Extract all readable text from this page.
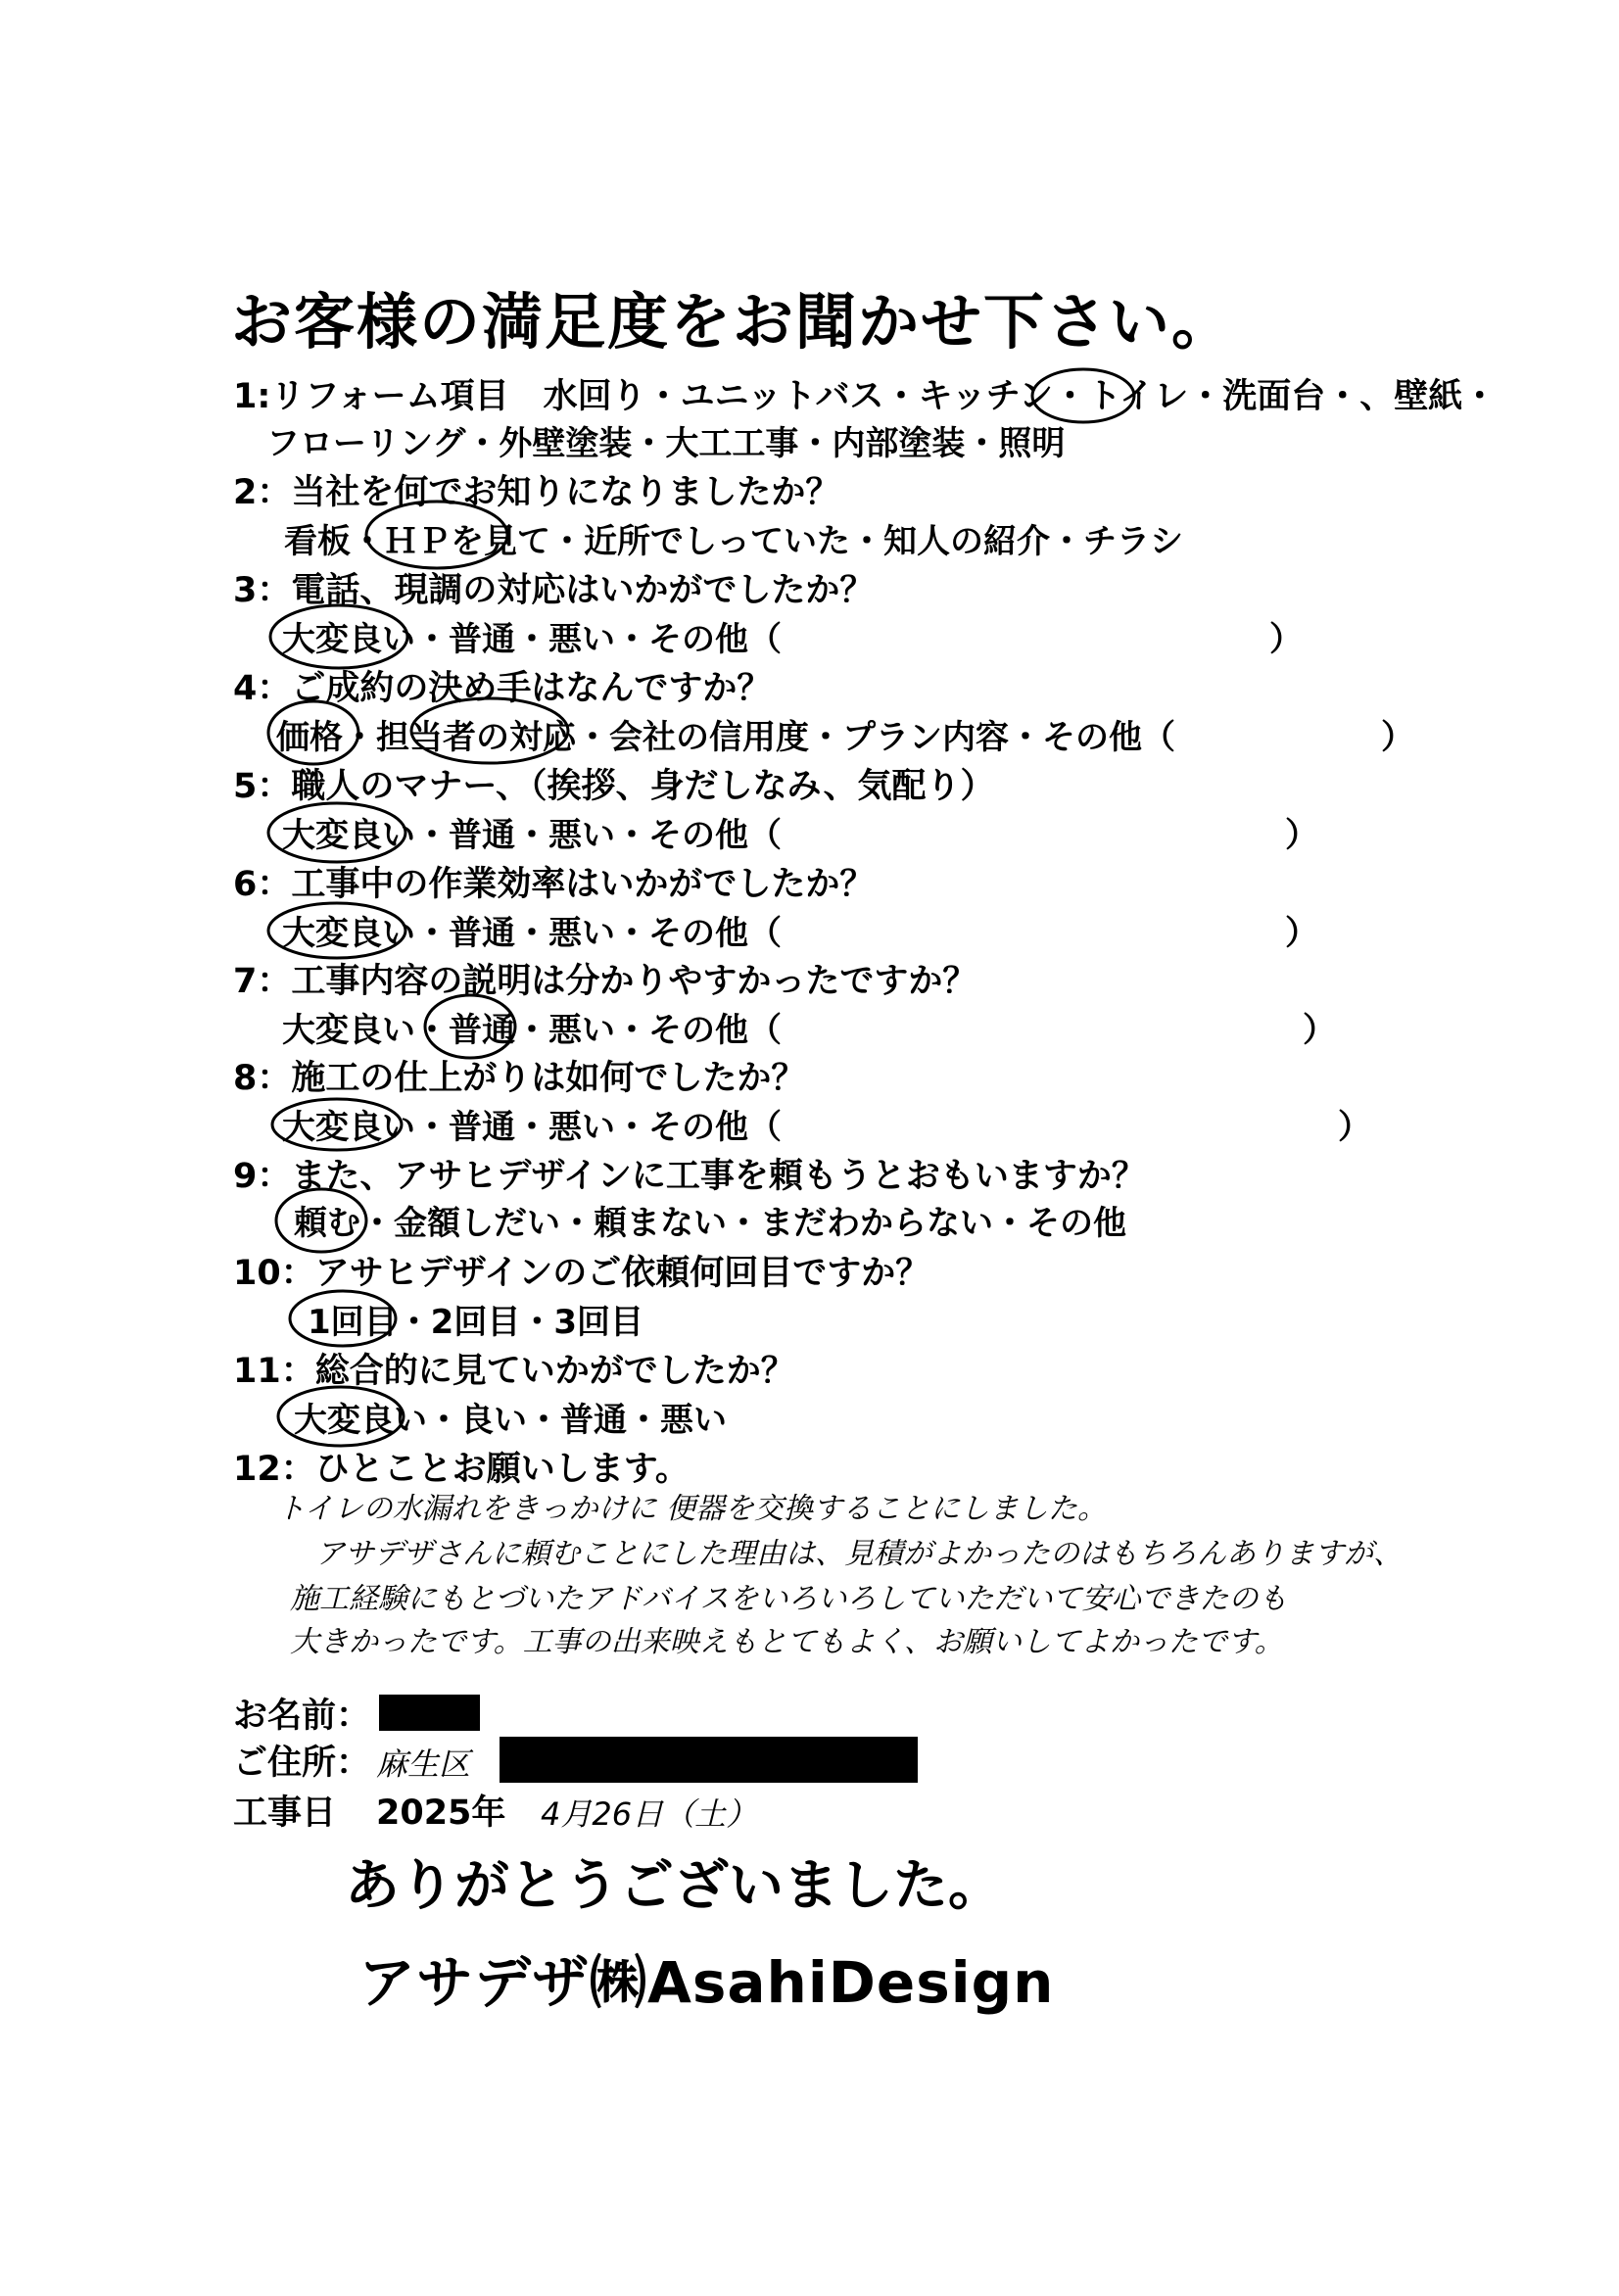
お客様の満足度をお聞かせ下さい。
1:リフォーム項目　水回り・ユニットバス・キッチン・トイレ・洗面台・、壁紙・
フローリング・外壁塗装・大工工事・内部塗装・照明
2：当社を何でお知りになりましたか？
看板・ＨＰを見て・近所でしっていた・知人の紹介・チラシ
3：電話、現調の対応はいかがでしたか？
大変良い・普通・悪い・その他（	）
4：ご成約の決め手はなんですか？
価格・担当者の対応・会社の信用度・プラン内容・その他（	）
5：職人のマナー、（挨拶、身だしなみ、気配り）
大変良い・普通・悪い・その他（	）
6：工事中の作業効率はいかがでしたか？
大変良い・普通・悪い・その他（	）
7：工事内容の説明は分かりやすかったですか？
大変良い・普通・悪い・その他（	）
8：施工の仕上がりは如何でしたか？
大変良い・普通・悪い・その他（	）
9：また、アサヒデザインに工事を頼もうとおもいますか？
頼む・金額しだい・頼まない・まだわからない・その他
10：アサヒデザインのご依頼何回目ですか？
1回目・2回目・3回目
11：総合的に見ていかがでしたか？
大変良い・良い・普通・悪い
12：ひとことお願いします。
トイレの水漏れをきっかけに 便器を交換することにしました。
アサデザさんに頼むことにした理由は、見積がよかったのはもちろんありますが、
施工経験にもとづいたアドバイスをいろいろしていただいて安心できたのも
大きかったです。工事の出来映えもとてもよく、お願いしてよかったです。
お名前：
ご住所： 麻生区
工事日 2025年 4月26日（土）
ありがとうございました。
アサデザ㈱AsahiDesign
